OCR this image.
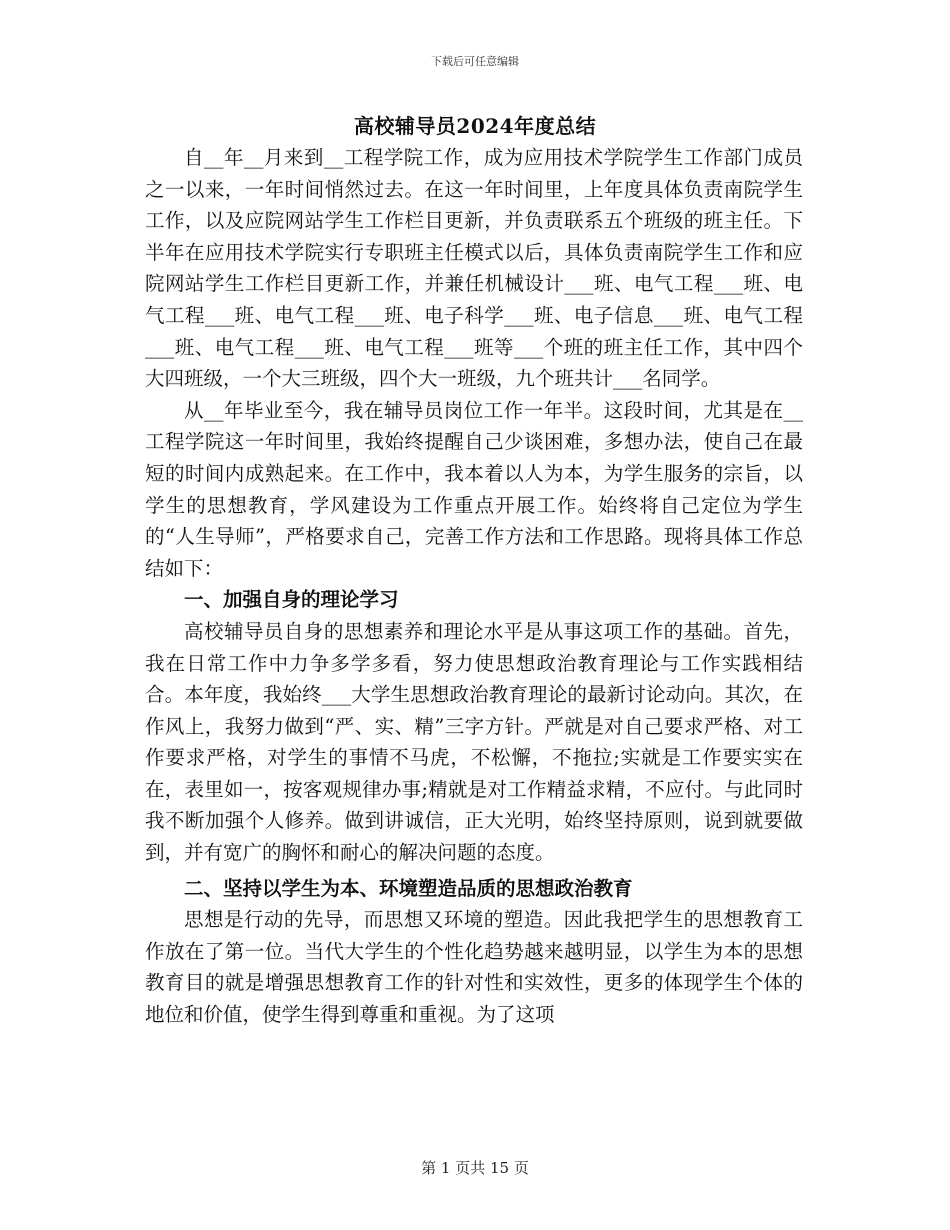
下载后可任意编辑
高校辅导员2024年度总结

自__年__月来到__工程学院工作，成为应用技术学院学生工作部门成员之一以来，一年时间悄然过去。在这一年时间里，上年度具体负责南院学生工作，以及应院网站学生工作栏目更新，并负责联系五个班级的班主任。下半年在应用技术学院实行专职班主任模式以后，具体负责南院学生工作和应院网站学生工作栏目更新工作，并兼任机械设计___班、电气工程___班、电气工程___班、电气工程___班、电子科学___班、电子信息___班、电气工程___班、电气工程___班、电气工程___班等___个班的班主任工作，其中四个大四班级，一个大三班级，四个大一班级，九个班共计___名同学。

从__年毕业至今，我在辅导员岗位工作一年半。这段时间，尤其是在__工程学院这一年时间里，我始终提醒自己少谈困难，多想办法，使自己在最短的时间内成熟起来。在工作中，我本着以人为本，为学生服务的宗旨，以学生的思想教育，学风建设为工作重点开展工作。始终将自己定位为学生的“人生导师”，严格要求自己，完善工作方法和工作思路。现将具体工作总结如下：

一、加强自身的理论学习

高校辅导员自身的思想素养和理论水平是从事这项工作的基础。首先，我在日常工作中力争多学多看，努力使思想政治教育理论与工作实践相结合。本年度，我始终___大学生思想政治教育理论的最新讨论动向。其次，在作风上，我努力做到“严、实、精”三字方针。严就是对自己要求严格、对工作要求严格，对学生的事情不马虎，不松懈，不拖拉;实就是工作要实实在在，表里如一，按客观规律办事;精就是对工作精益求精，不应付。与此同时我不断加强个人修养。做到讲诚信，正大光明，始终坚持原则，说到就要做到，并有宽广的胸怀和耐心的解决问题的态度。

二、坚持以学生为本、环境塑造品质的思想政治教育

思想是行动的先导，而思想又环境的塑造。因此我把学生的思想教育工作放在了第一位。当代大学生的个性化趋势越来越明显，以学生为本的思想教育目的就是增强思想教育工作的针对性和实效性，更多的体现学生个体的地位和价值，使学生得到尊重和重视。为了这项

第 1 页共 15 页
